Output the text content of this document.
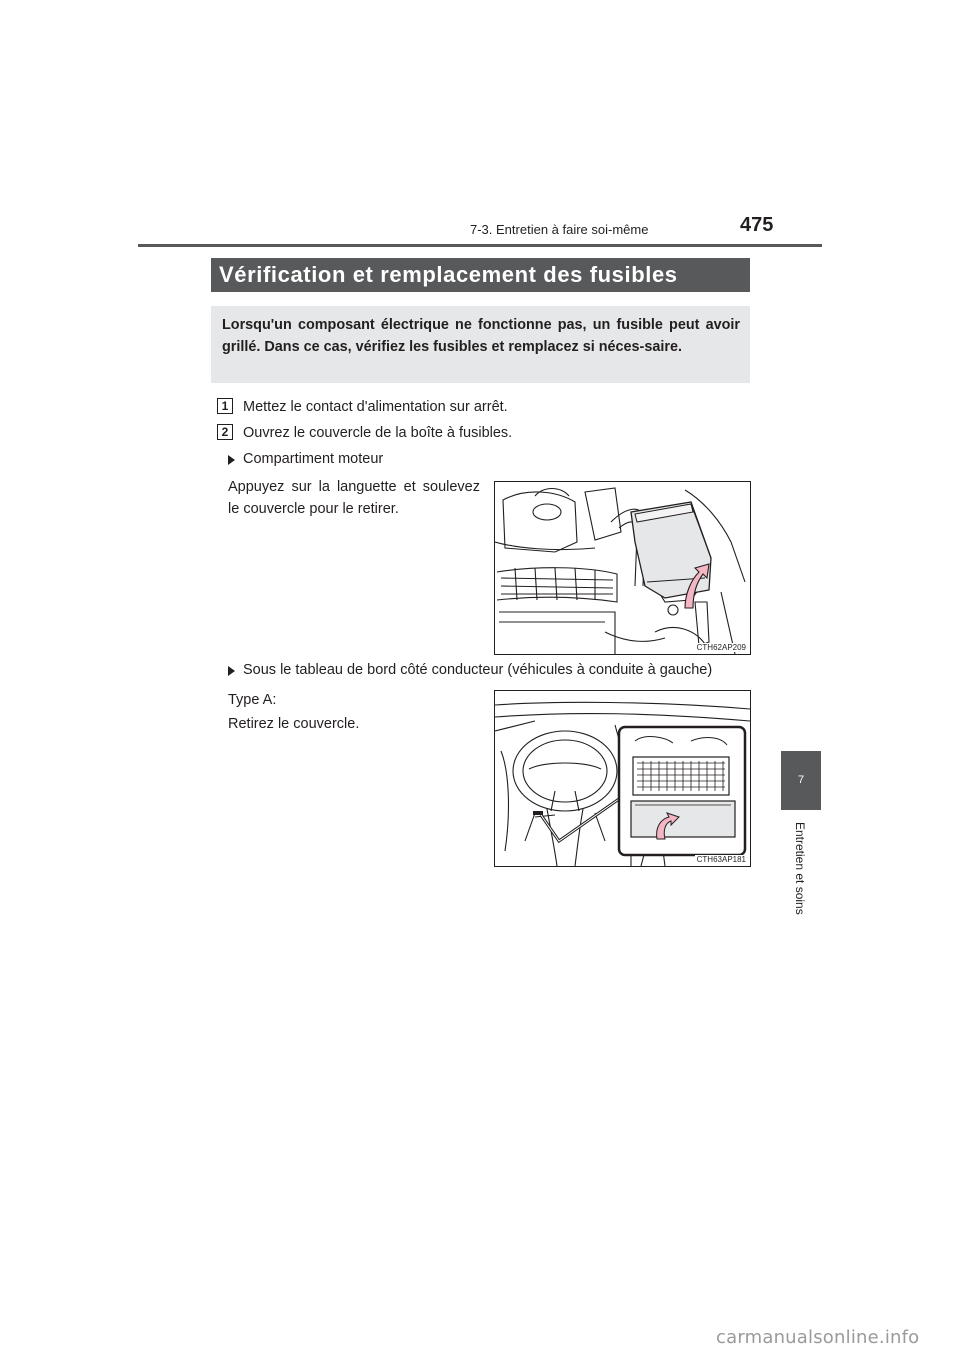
7-3. Entretien à faire soi-même	475
Vérification et remplacement des fusibles
Lorsqu'un composant électrique ne fonctionne pas, un fusible peut avoir grillé. Dans ce cas, vérifiez les fusibles et remplacez si néces-saire.
1	Mettez le contact d'alimentation sur arrêt.
2	Ouvrez le couvercle de la boîte à fusibles.
Compartiment moteur
Appuyez sur la languette et soulevez le couvercle pour le retirer.
CTH62AP209
Sous le tableau de bord côté conducteur (véhicules à conduite à gauche)
Type A:
Retirez le couvercle.
CTH63AP181
7
Entretien et soins
carmanualsonline.info
